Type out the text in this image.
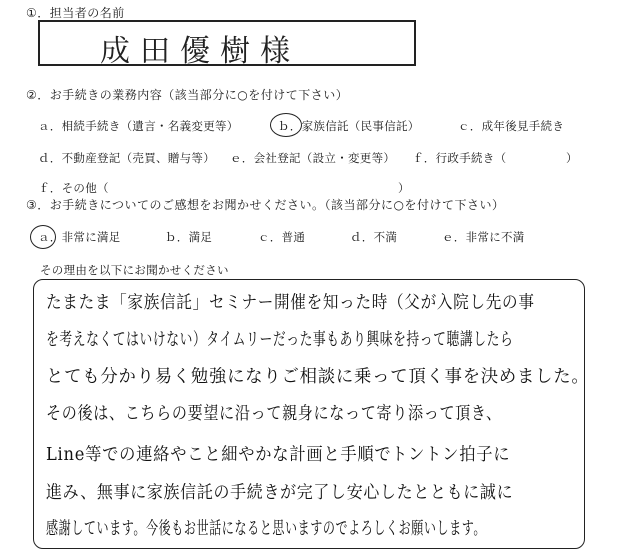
①．担当者の名前
成田優樹様
②．お手続きの業務内容（該当部分に○を付けて下さい）
ａ．相続手続き（遺言・名義変更等）	ｂ．家族信託（民事信託）	ｃ．成年後見手続き
ｄ．不動産登記（売買、贈与等） ｅ．会社登記（設立・変更等） ｆ．行政手続き（	）
ｆ．その他（	）
③．お手続きについてのご感想をお聞かせください。（該当部分に○を付けて下さい）
ａ．非常に満足	ｂ．満足	ｃ．普通	ｄ．不満	ｅ．非常に不満
その理由を以下にお聞かせください
たまたま「家族信託」セミナー開催を知った時（父が入院し先の事
を考えなくてはいけない）タイムリーだった事もあり興味を持って聴講したら
とても分かり易く勉強になりご相談に乗って頂く事を決めました。
その後は、こちらの要望に沿って親身になって寄り添って頂き、
Line等での連絡やこと細やかな計画と手順でトントン拍子に
進み、無事に家族信託の手続きが完了し安心したとともに誠に
感謝しています。今後もお世話になると思いますのでよろしくお願いします。
